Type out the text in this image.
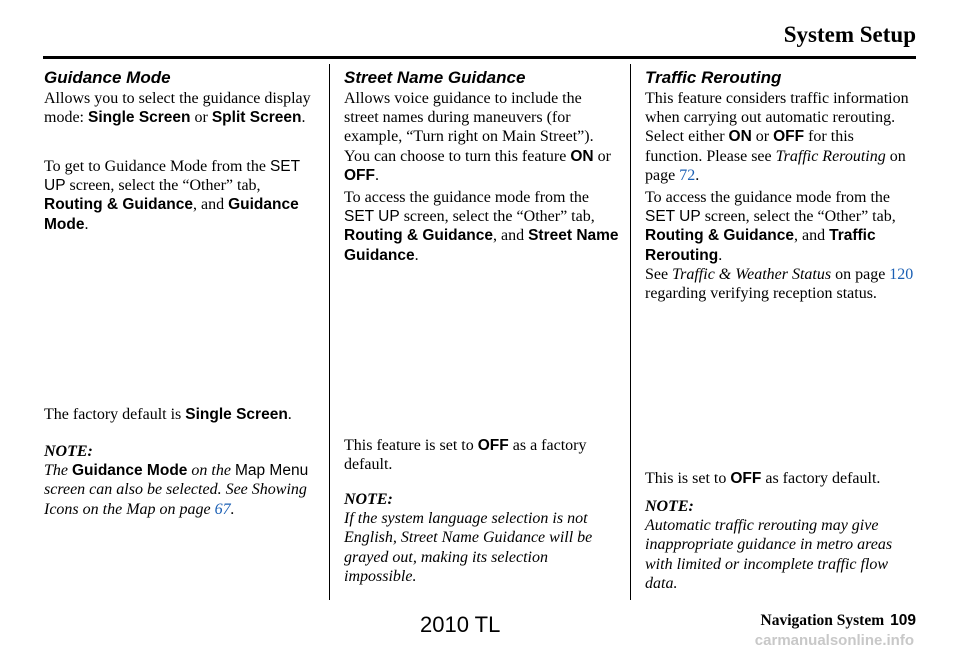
System Setup
Guidance Mode
Allows you to select the guidance display mode: Single Screen or Split Screen.
To get to Guidance Mode from the SET UP screen, select the “Other” tab, Routing & Guidance, and Guidance Mode.
The factory default is Single Screen.
NOTE:
The Guidance Mode on the Map Menu screen can also be selected. See Showing Icons on the Map on page 67.
Street Name Guidance
Allows voice guidance to include the street names during maneuvers (for example, “Turn right on Main Street”). You can choose to turn this feature ON or OFF.
To access the guidance mode from the SET UP screen, select the “Other” tab, Routing & Guidance, and Street Name Guidance.
This feature is set to OFF as a factory default.
NOTE:
If the system language selection is not English, Street Name Guidance will be grayed out, making its selection impossible.
Traffic Rerouting
This feature considers traffic information when carrying out automatic rerouting. Select either ON or OFF for this function. Please see Traffic Rerouting on page 72.
To access the guidance mode from the SET UP screen, select the “Other” tab, Routing & Guidance, and Traffic Rerouting.
See Traffic & Weather Status on page 120 regarding verifying reception status.
This is set to OFF as factory default.
NOTE:
Automatic traffic rerouting may give inappropriate guidance in metro areas with limited or incomplete traffic flow data.
2010 TL	Navigation System 109
carmanualsonline.info
